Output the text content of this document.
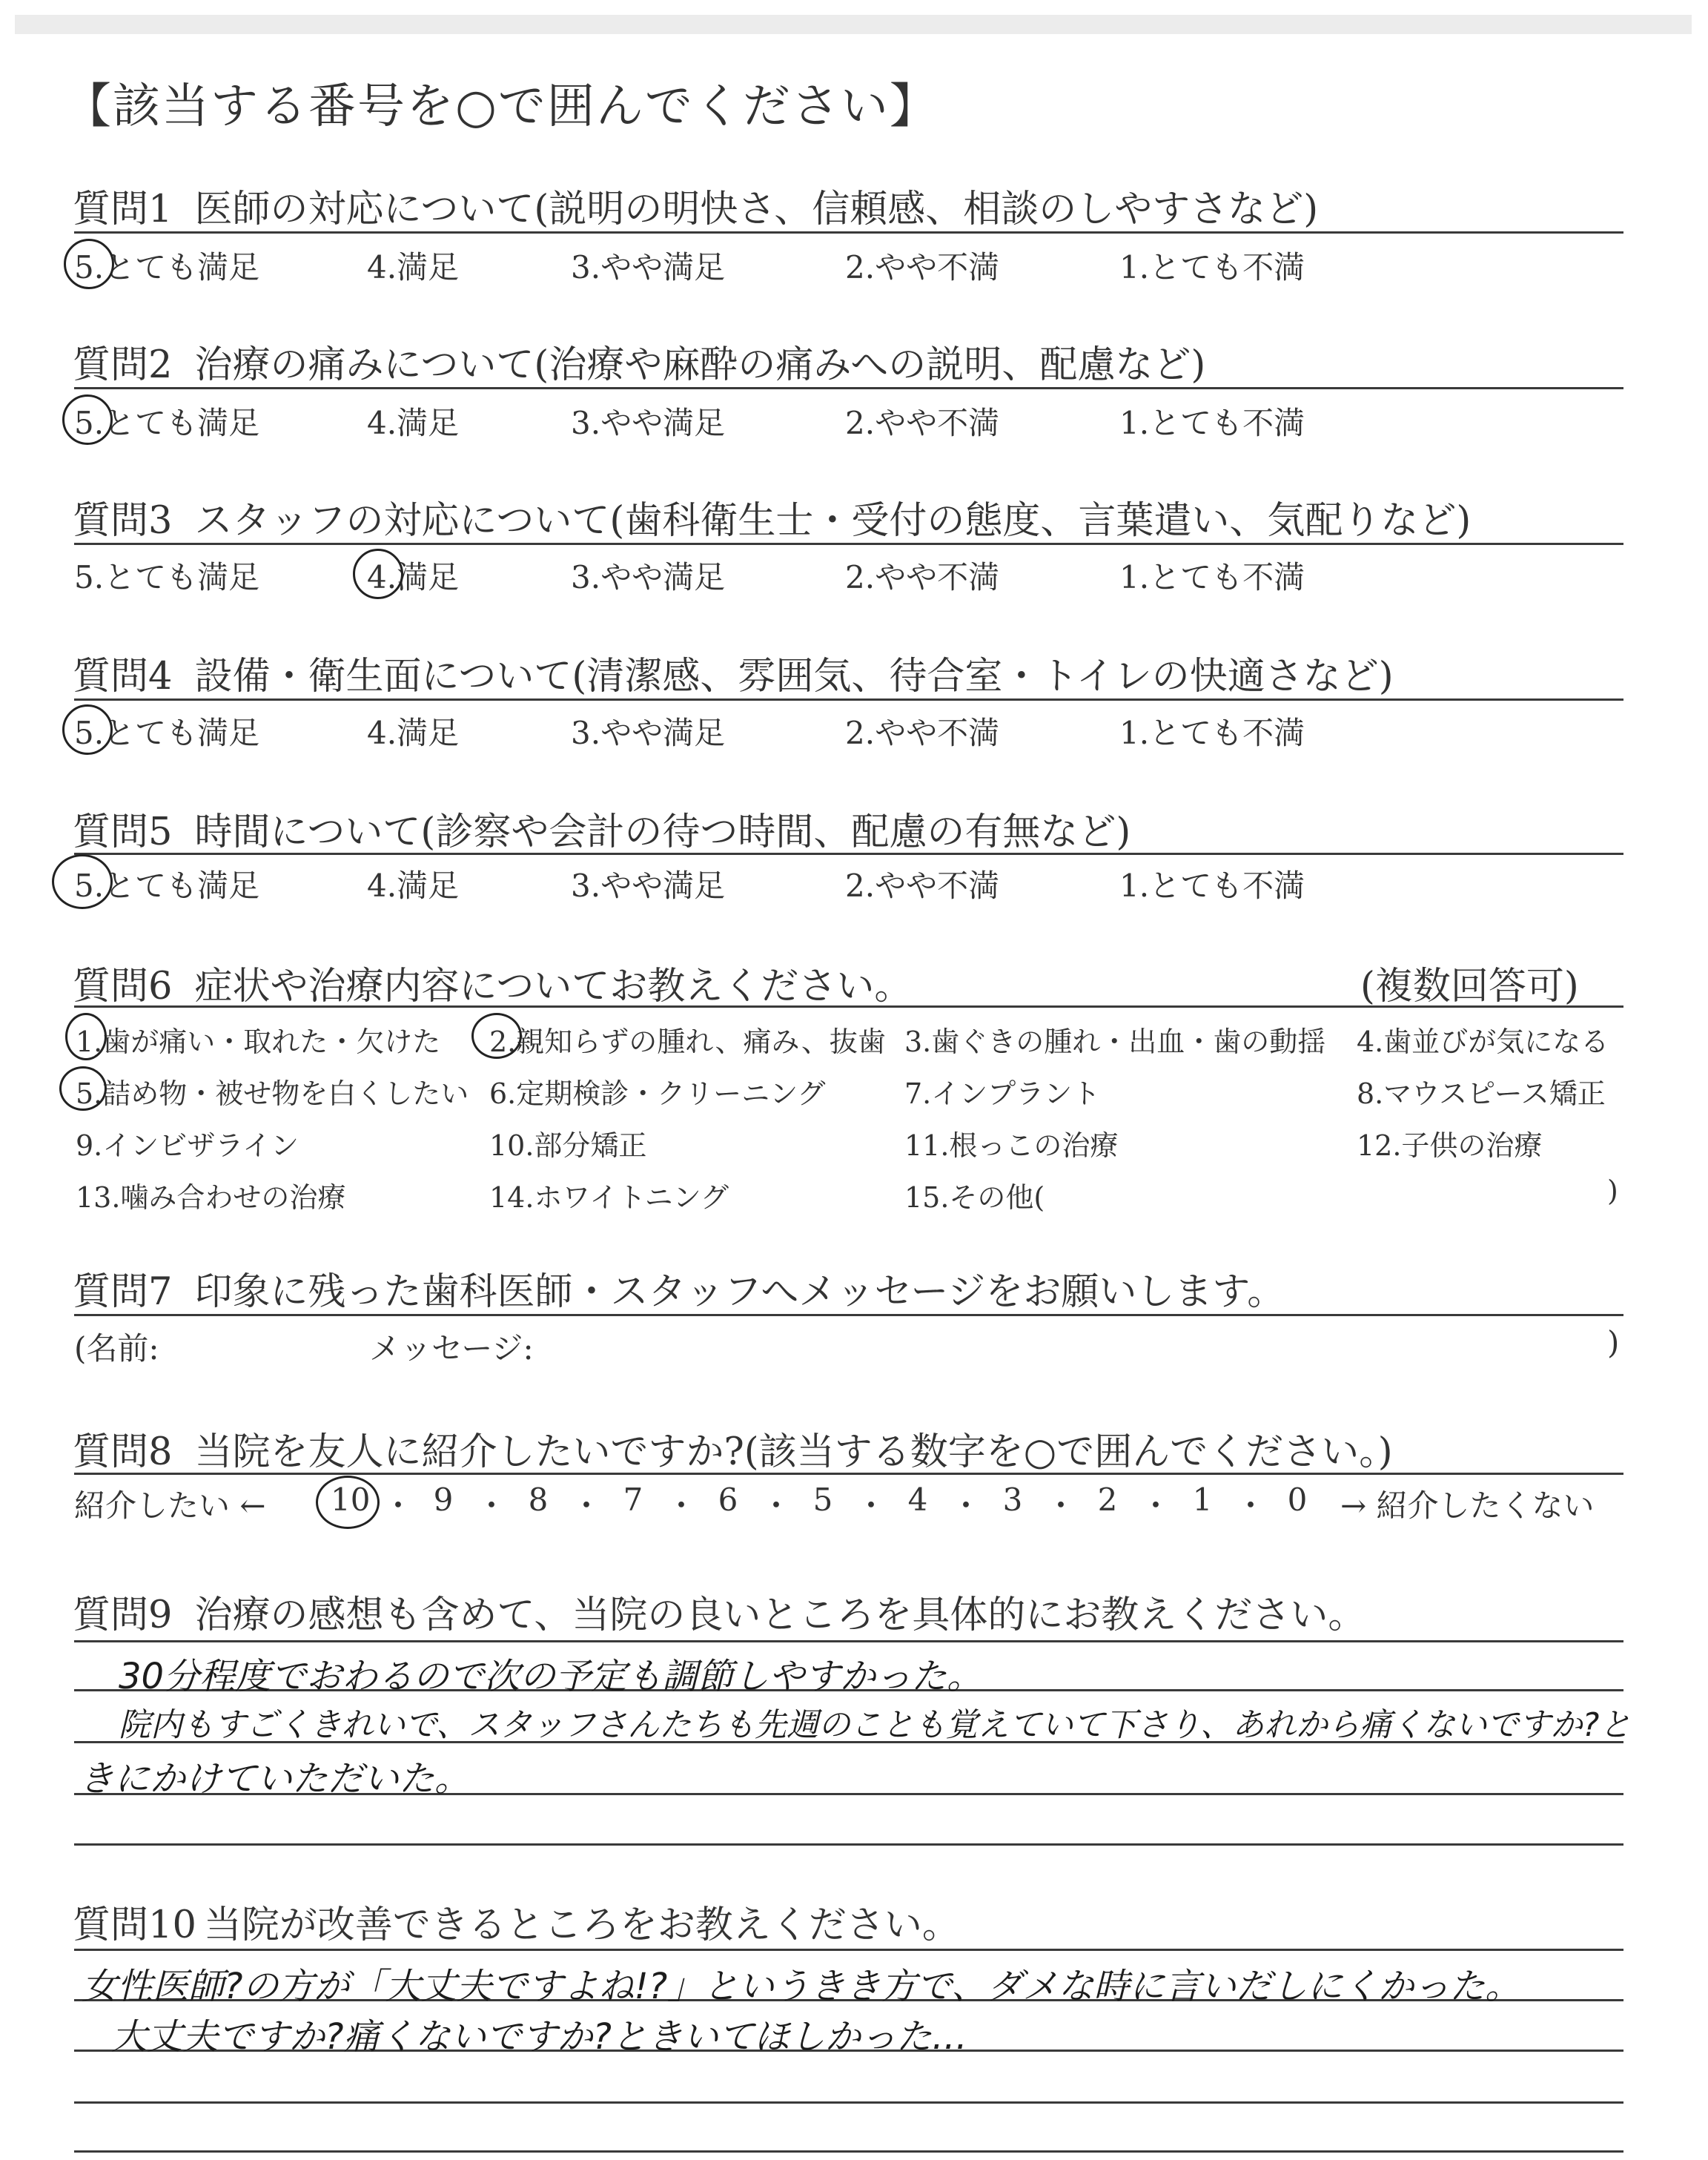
【該当する番号を○で囲んでください】
質問1 医師の対応について(説明の明快さ、信頼感、相談のしやすさなど)
5.とても満足	4.満足	3.やや満足	2.やや不満	1.とても不満
質問2 治療の痛みについて(治療や麻酔の痛みへの説明、配慮など)
5.とても満足	4.満足	3.やや満足	2.やや不満	1.とても不満
質問3 スタッフの対応について(歯科衛生士・受付の態度、言葉遣い、気配りなど)
5.とても満足	4.満足	3.やや満足	2.やや不満	1.とても不満
質問4 設備・衛生面について(清潔感、雰囲気、待合室・トイレの快適さなど)
5.とても満足	4.満足	3.やや満足	2.やや不満	1.とても不満
質問5 時間について(診察や会計の待つ時間、配慮の有無など)
5.とても満足	4.満足	3.やや満足	2.やや不満	1.とても不満
質問6 症状や治療内容についてお教えください。	(複数回答可)
1.歯が痛い・取れた・欠けた 2.親知らずの腫れ、痛み、抜歯 3.歯ぐきの腫れ・出血・歯の動揺 4.歯並びが気になる
5.詰め物・被せ物を白くしたい 6.定期検診・クリーニング	7.インプラント	8.マウスピース矯正
9.インビザライン	10.部分矯正	11.根っこの治療	12.子供の治療
13.噛み合わせの治療	14.ホワイトニング	15.その他(	)
質問7 印象に残った歯科医師・スタッフへメッセージをお願いします。
(名前:	メッセージ:	)
質問8 当院を友人に紹介したいですか?(該当する数字を○で囲んでください。)
紹介したい ←	→ 紹介したくない
10 ・ 9 ・ 8 ・ 7 ・ 6 ・ 5 ・ 4 ・ 3 ・ 2 ・ 1 ・ 0
質問9 治療の感想も含めて、当院の良いところを具体的にお教えください。
30分程度でおわるので次の予定も調節しやすかった。
院内もすごくきれいで、スタッフさんたちも先週のことも覚えていて下さり、あれから痛くないですか?と
きにかけていただいた。
質問10 当院が改善できるところをお教えください。
女性医師?の方が「大丈夫ですよね!?」というきき方で、ダメな時に言いだしにくかった。
大丈夫ですか?痛くないですか?ときいてほしかった…
